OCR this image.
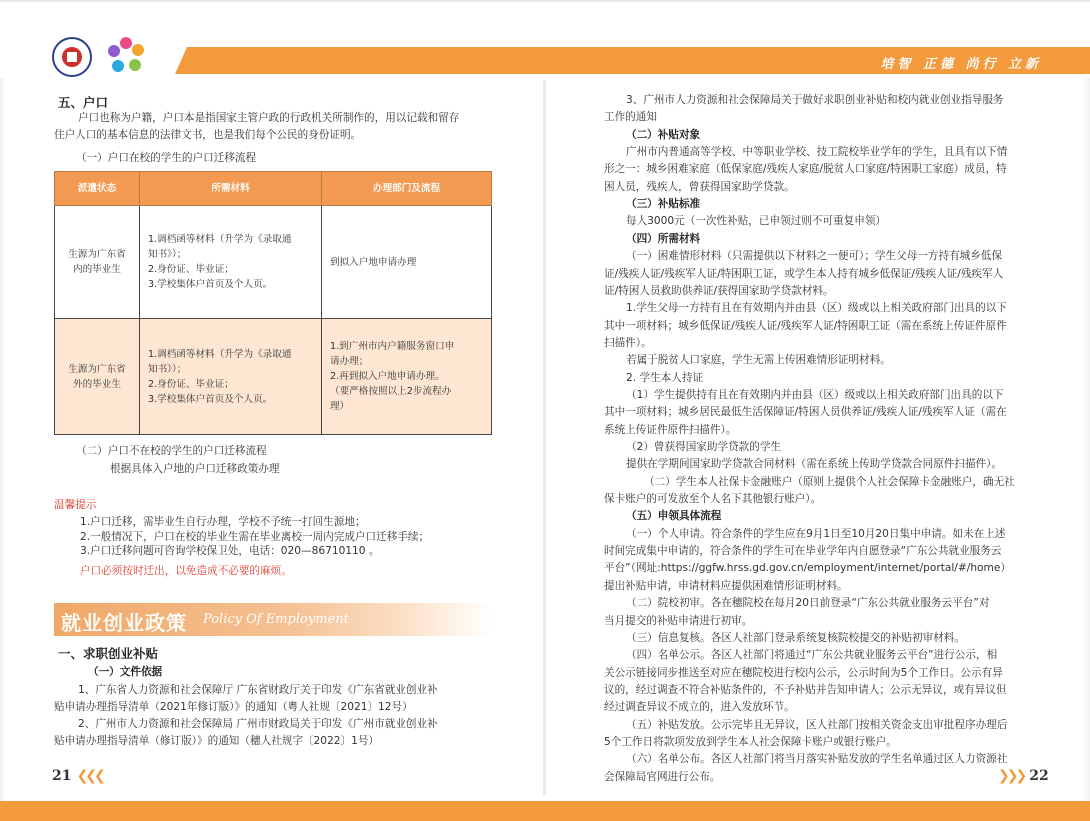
培智 正德 尚行 立新
五、户口
户口也称为户籍，户口本是指国家主管户政的行政机关所制作的，用以记载和留存
住户人口的基本信息的法律文书，也是我们每个公民的身份证明。
（一）户口在校的学生的户口迁移流程
派遣状态	所需材料	办理部门及流程

生源为广东省
内的毕业生	1.调档函等材料（升学为《录取通
知书》）；
2.身份证、毕业证；
3.学校集体户首页及个人页。	到拟入户地申请办理

生源为广东省
外的毕业生	1.调档函等材料（升学为《录取通
知书》）；
2.身份证、毕业证；
3.学校集体户首页及个人页。	1.到广州市内户籍服务窗口申
请办理；
2.再到拟入户地申请办理。
（要严格按照以上2步流程办
理）
（二）户口不在校的学生的户口迁移流程
根据具体入户地的户口迁移政策办理
温馨提示
1.户口迁移，需毕业生自行办理，学校不予统一打回生源地；
2.一般情况下，户口在校的毕业生需在毕业离校一周内完成户口迁移手续；
3.户口迁移问题可咨询学校保卫处，电话：020—86710110 。
户口必须按时迁出，以免造成不必要的麻烦。
就业创业政策 Policy Of Employment
一、求职创业补贴
（一）文件依据
1、广东省人力资源和社会保障厅 广东省财政厅关于印发《广东省就业创业补
贴申请办理指导清单（2021年修订版）》的通知（粤人社规〔2021〕12号）
2、广州市人力资源和社会保障局 广州市财政局关于印发《广州市就业创业补
贴申请办理指导清单（修订版）》的通知（穗人社规字〔2022〕1号）
21 ❮❮❮
3、广州市人力资源和社会保障局关于做好求职创业补贴和校内就业创业指导服务
工作的通知
（二）补贴对象
广州市内普通高等学校、中等职业学校、技工院校毕业学年的学生，且具有以下情
形之一：城乡困难家庭（低保家庭/残疾人家庭/脱贫人口家庭/特困职工家庭）成员，特
困人员，残疾人，曾获得国家助学贷款。
（三）补贴标准
每人3000元（一次性补贴，已申领过则不可重复申领）
（四）所需材料
（一）困难情形材料（只需提供以下材料之一便可）；学生父母一方持有城乡低保
证/残疾人证/残疾军人证/特困职工证，或学生本人持有城乡低保证/残疾人证/残疾军人
证/特困人员救助供养证/获得国家助学贷款材料。
1.学生父母一方持有且在有效期内并由县（区）级或以上相关政府部门出具的以下
其中一项材料；城乡低保证/残疾人证/残疾军人证/特困职工证（需在系统上传证件原件
扫描件）。
若属于脱贫人口家庭，学生无需上传困难情形证明材料。
2. 学生本人持证
（1）学生提供持有且在有效期内并由县（区）级或以上相关政府部门出具的以下
其中一项材料；城乡居民最低生活保障证/特困人员供养证/残疾人证/残疾军人证（需在
系统上传证件原件扫描件）。
（2）曾获得国家助学贷款的学生
提供在学期间国家助学贷款合同材料（需在系统上传助学贷款合同原件扫描件）。
（二）学生本人社保卡金融账户（原则上提供个人社会保障卡金融账户，确无社
保卡账户的可发放至个人名下其他银行账户）。
（五）申领具体流程
（一）个人申请。符合条件的学生应在9月1日至10月20日集中申请。如未在上述
时间完成集中申请的，符合条件的学生可在毕业学年内自愿登录“广东公共就业服务云
平台”（网址:https://ggfw.hrss.gd.gov.cn/employment/internet/portal/#/home）
提出补贴申请，申请材料应提供困难情形证明材料。
（二）院校初审。各在穗院校在每月20日前登录“广东公共就业服务云平台”对
当月提交的补贴申请进行初审。
（三）信息复核。各区人社部门登录系统复核院校提交的补贴初审材料。
（四）名单公示。各区人社部门将通过“广东公共就业服务云平台”进行公示，相
关公示链接同步推送至对应在穗院校进行校内公示，公示时间为5个工作日。公示有异
议的，经过调查不符合补贴条件的，不予补贴并告知申请人；公示无异议，或有异议但
经过调查异议不成立的，进入发放环节。
（五）补贴发放。公示完毕且无异议，区人社部门按相关资金支出审批程序办理后
5个工作日将款项发放到学生本人社会保障卡账户或银行账户。
（六）名单公布。各区人社部门将当月落实补贴发放的学生名单通过区人力资源社
会保障局官网进行公布。	❯❯❯ 22
